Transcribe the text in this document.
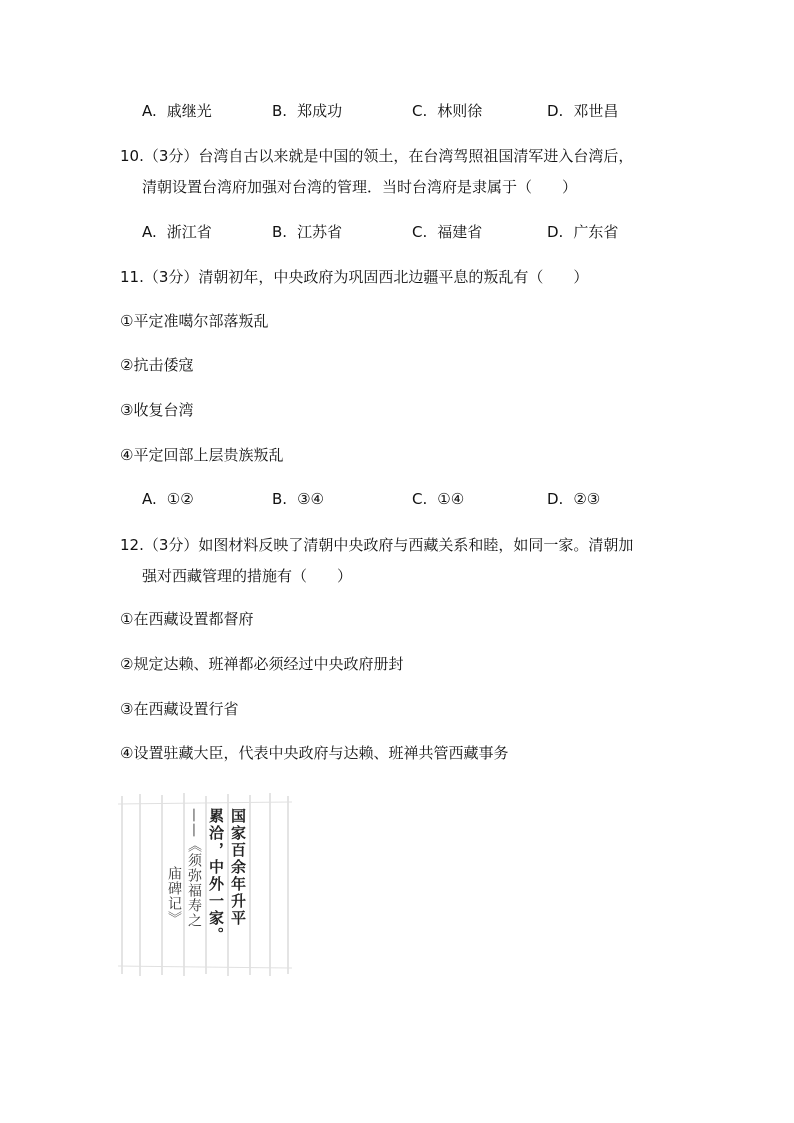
A. 戚继光	B. 郑成功	C. 林则徐	D. 邓世昌
10.（3分）台湾自古以来就是中国的领土，在台湾驾照祖国清军进入台湾后，
清朝设置台湾府加强对台湾的管理．当时台湾府是隶属于（　　）
A. 浙江省	B. 江苏省	C. 福建省	D. 广东省
11.（3分）清朝初年，中央政府为巩固西北边疆平息的叛乱有（　　）
①平定准噶尔部落叛乱
②抗击倭寇
③收复台湾
④平定回部上层贵族叛乱
A. ①②	B. ③④	C. ①④	D. ②③
12.（3分）如图材料反映了清朝中央政府与西藏关系和睦，如同一家。清朝加
强对西藏管理的措施有（　　）
①在西藏设置都督府
②规定达赖、班禅都必须经过中央政府册封
③在西藏设置行省
④设置驻藏大臣，代表中央政府与达赖、班禅共管西藏事务
国家百余年升平
累洽，中外一家。
——《须弥福寿之
庙碑记》
